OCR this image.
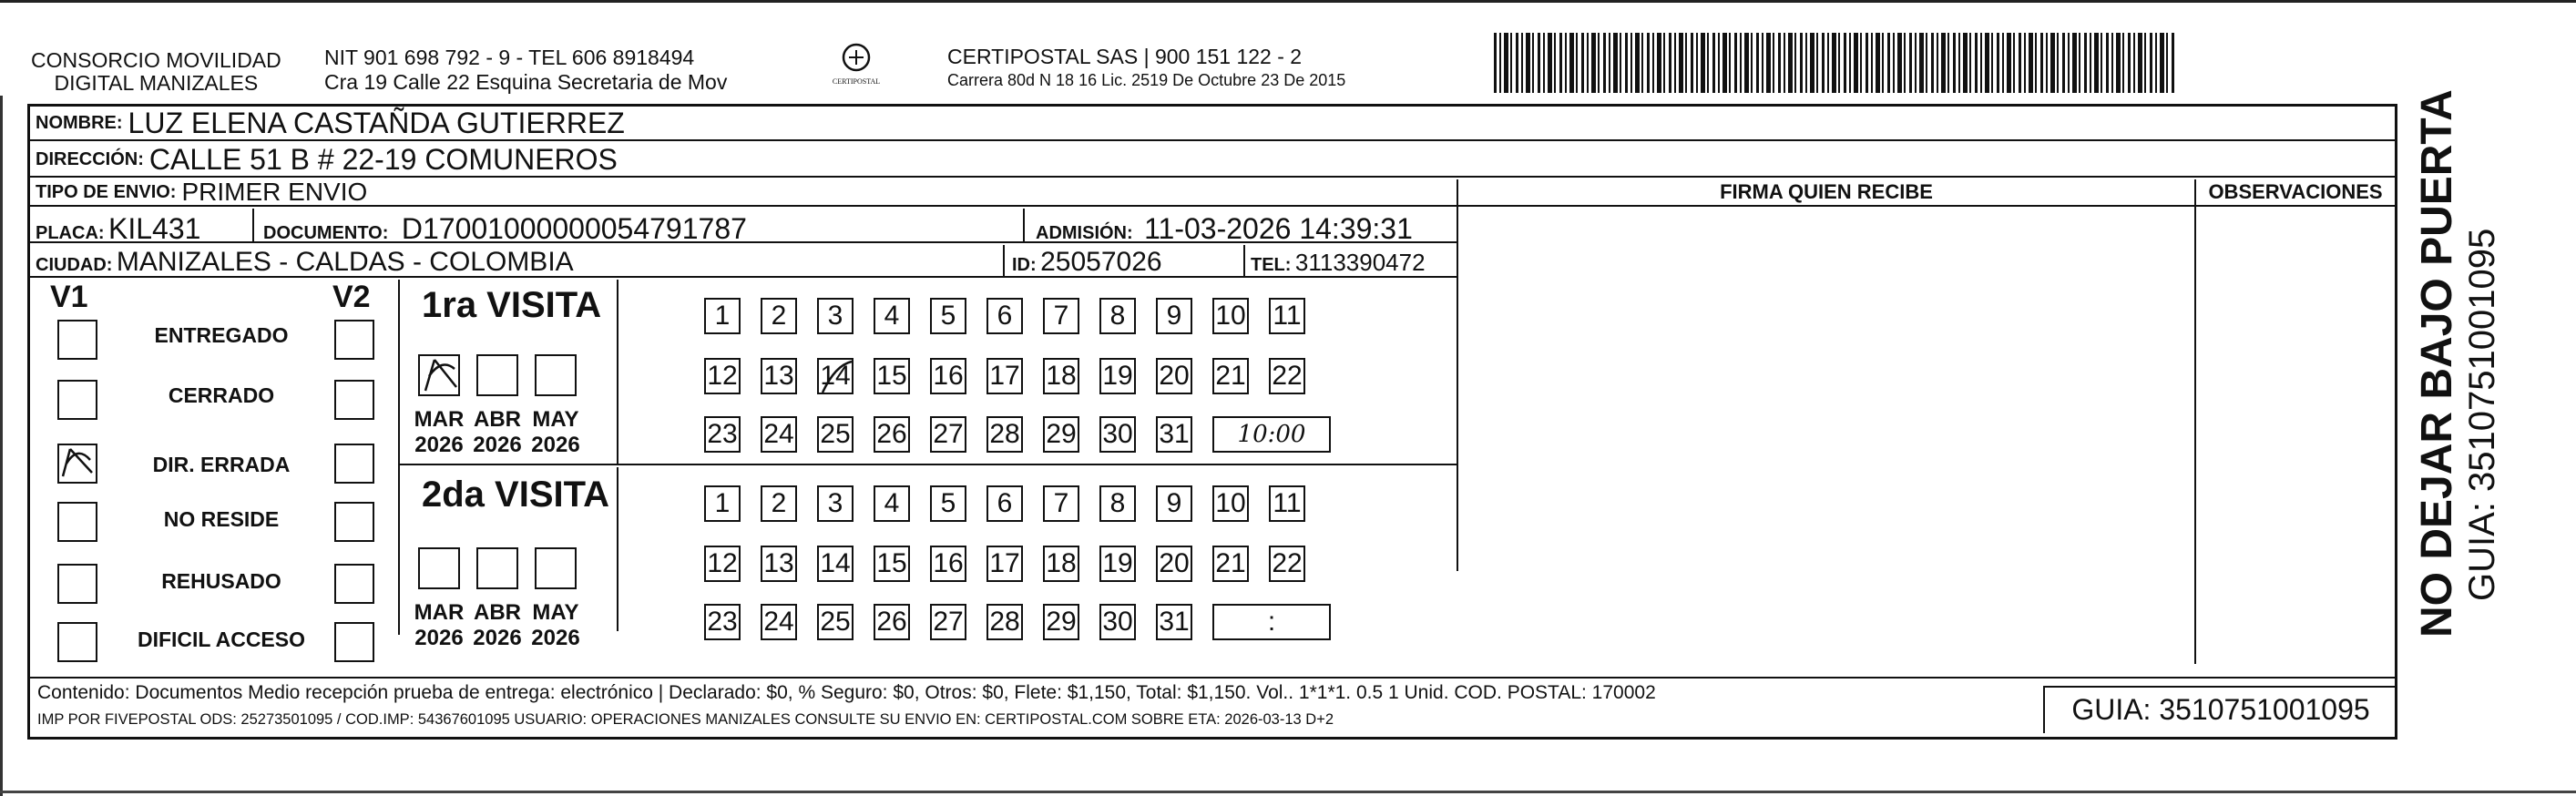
CONSORCIO MOVILIDAD
DIGITAL MANIZALES
NIT 901 698 792 - 9 - TEL 606 8918494
Cra 19 Calle 22 Esquina Secretaria de Mov	CERTIPOSTAL
CERTIPOSTAL SAS | 900 151 122 - 2
Carrera 80d N 18 16 Lic. 2519 De Octubre 23 De 2015
NOMBRE: LUZ ELENA CASTAÑDA GUTIERREZ
DIRECCIÓN: CALLE 51 B # 22-19 COMUNEROS
TIPO DE ENVIO: PRIMER ENVIO
PLACA: KIL431	DOCUMENTO: D17001000000054791787	ADMISIÓN: 11-03-2026 14:39:31
CIUDAD: MANIZALES - CALDAS - COLOMBIA	ID: 25057026	TEL: 3113390472
V1	V2
ENTREGADO
CERRADO
DIR. ERRADA
NO RESIDE
REHUSADO
DIFICIL ACCESO
1ra VISITA
MAR
2026
ABR
2026
MAY
2026
1	2	3	4	5	6	7	8	9	10 11
12 13 14 15 16 17 18 19 20 21 22
23 24 25 26 27 28 29 30 31	10:00
2da VISITA
MAR
2026
ABR
2026
MAY
2026
1	2	3	4	5	6	7	8	9	10 11
12 13 14 15 16 17 18 19 20 21 22
23 24 25 26 27 28 29 30 31	:
FIRMA QUIEN RECIBE	OBSERVACIONES
Contenido: Documentos Medio recepción prueba de entrega: electrónico | Declarado: $0, % Seguro: $0, Otros: $0, Flete: $1,150, Total: $1,150. Vol.. 1*1*1. 0.5 1 Unid. COD. POSTAL: 170002
IMP POR FIVEPOSTAL ODS: 25273501095 / COD.IMP: 54367601095 USUARIO: OPERACIONES MANIZALES CONSULTE SU ENVIO EN: CERTIPOSTAL.COM SOBRE ETA: 2026-03-13 D+2	GUIA: 3510751001095
NO DEJAR BAJO PUERTA GUIA: 3510751001095
